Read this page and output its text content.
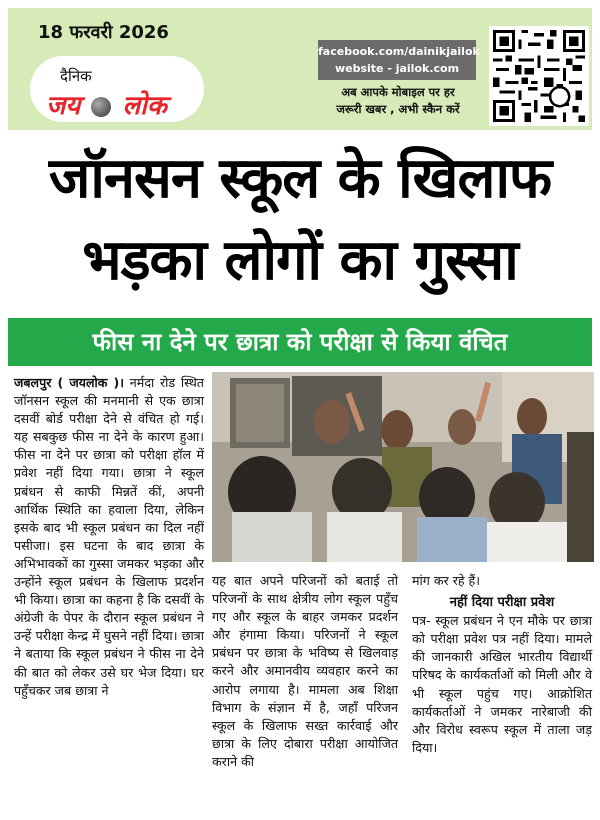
18 फरवरी 2026
दैनिक
जय लोक
facebook.com/dainikjailok
website - jailok.com
अब आपके मोबाइल पर हर
जरूरी खबर , अभी स्कैन करें
जॉनसन स्कूल के खिलाफ
भड़का लोगों का गुस्सा
फीस ना देने पर छात्रा को परीक्षा से किया वंचित
जबलपुर ( जयलोक )। नर्मदा रोड स्थित जॉनसन स्कूल की मनमानी से एक छात्रा दसवीं बोर्ड परीक्षा देने से वंचित हो गई। यह सबकुछ फीस ना देने के कारण हुआ। फीस ना देने पर छात्रा को परीक्षा हॉल में प्रवेश नहीं दिया गया। छात्रा ने स्कूल प्रबंधन से काफी मिन्नतें कीं, अपनी आर्थिक स्थिति का हवाला दिया, लेकिन इसके बाद भी स्कूल प्रबंधन का दिल नहीं पसीजा। इस घटना के बाद छात्रा के अभिभावकों का गुस्सा जमकर भड़का और उन्होंने स्कूल प्रबंधन के खिलाफ प्रदर्शन भी किया। छात्रा का कहना है कि दसवीं के अंग्रेजी के पेपर के दौरान स्कूल प्रबंधन ने उन्हें परीक्षा केन्द्र में घुसने नहीं दिया। छात्रा ने बताया कि स्कूल प्रबंधन ने फीस ना देने की बात को लेकर उसे घर भेज दिया। घर पहुँचकर जब छात्रा ने
यह बात अपने परिजनों को बताई तो परिजनों के साथ क्षेत्रीय लोग स्कूल पहुँच गए और स्कूल के बाहर जमकर प्रदर्शन और हंगामा किया। परिजनों ने स्कूल प्रबंधन पर छात्रा के भविष्य से खिलवाड़ करने और अमानवीय व्यवहार करने का आरोप लगाया है। मामला अब शिक्षा विभाग के संज्ञान में है, जहाँ परिजन स्कूल के खिलाफ सख्त कार्रवाई और छात्रा के लिए दोबारा परीक्षा आयोजित कराने की
मांग कर रहे हैं।
नहीं दिया परीक्षा प्रवेश
पत्र- स्कूल प्रबंधन ने एन मौके पर छात्रा को परीक्षा प्रवेश पत्र नहीं दिया। मामले की जानकारी अखिल भारतीय विद्यार्थी परिषद के कार्यकर्ताओं को मिली और वे भी स्कूल पहुंच गए। आक्रोशित कार्यकर्ताओं ने जमकर नारेबाजी की और विरोध स्वरूप स्कूल में ताला जड़ दिया।
